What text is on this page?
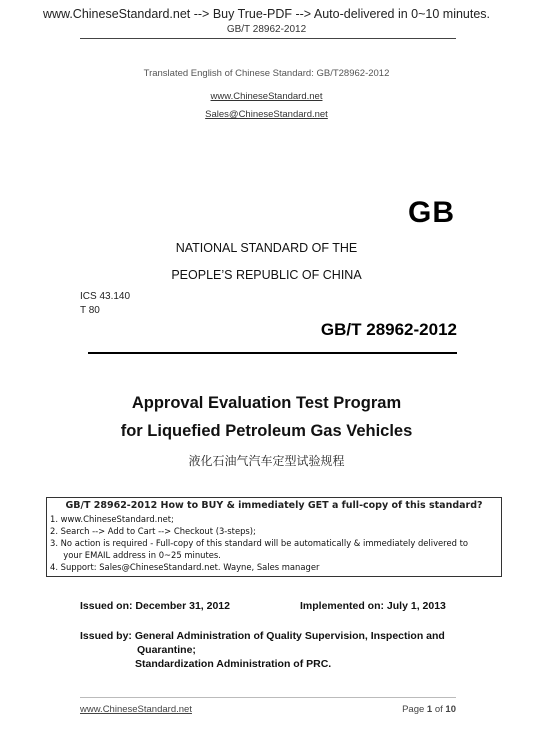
www.ChineseStandard.net --> Buy True-PDF --> Auto-delivered in 0~10 minutes.
GB/T 28962-2012
Translated English of Chinese Standard: GB/T28962-2012
www.ChineseStandard.net
Sales@ChineseStandard.net
GB
NATIONAL STANDARD OF THE
PEOPLE’S REPUBLIC OF CHINA
ICS 43.140
T 80
GB/T 28962-2012
Approval Evaluation Test Program
for Liquefied Petroleum Gas Vehicles
液化石油气汽车定型试验规程
GB/T 28962-2012 How to BUY & immediately GET a full-copy of this standard?
1. www.ChineseStandard.net;
2. Search --> Add to Cart --> Checkout (3-steps);
3. No action is required - Full-copy of this standard will be automatically & immediately delivered to
your EMAIL address in 0~25 minutes.
4. Support: Sales@ChineseStandard.net. Wayne, Sales manager
Issued on: December 31, 2012	Implemented on: July 1, 2013
Issued by: General Administration of Quality Supervision, Inspection and
Quarantine;
Standardization Administration of PRC.
www.ChineseStandard.net	Page 1 of 10
